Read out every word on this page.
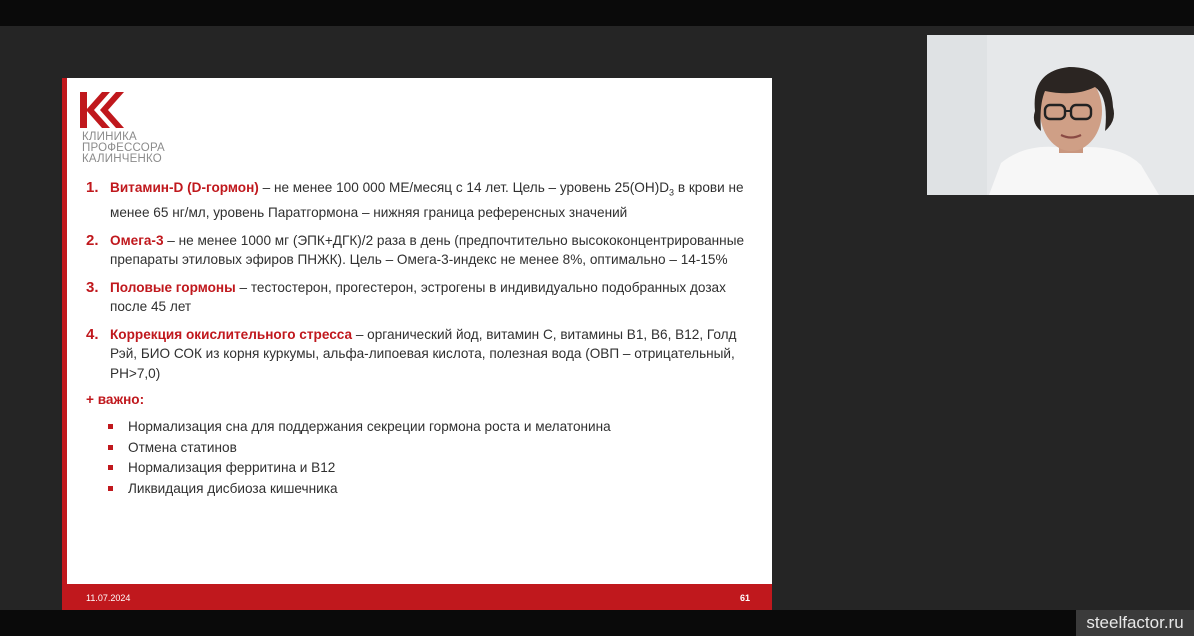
КЛИНИКА
ПРОФЕССОРА
КАЛИНЧЕНКО
1. Витамин-D (D-гормон) – не менее 100 000 МЕ/месяц с 14 лет. Цель – уровень $25(OH)D_3$ в крови не менее 65 нг/мл, уровень Паратгормона – нижняя граница референсных значений
2. Омега-3 – не менее 1000 мг (ЭПК+ДГК)/2 раза в день (предпочтительно высококонцентрированные препараты этиловых эфиров ПНЖК). Цель – Омега-3-индекс не менее 8%, оптимально – 14-15%
3. Половые гормоны – тестостерон, прогестерон, эстрогены в индивидуально подобранных дозах после 45 лет
4. Коррекция окислительного стресса – органический йод, витамин С, витамины В1, В6, В12, Голд Рэй, БИО СОК из корня куркумы, альфа-липоевая кислота, полезная вода (ОВП – отрицательный, PH>7,0)
+ важно:
Нормализация сна для поддержания секреции гормона роста и мелатонина
Отмена статинов
Нормализация ферритина и В12
Ликвидация дисбиоза кишечника
11.07.2024	61
steelfactor.ru
